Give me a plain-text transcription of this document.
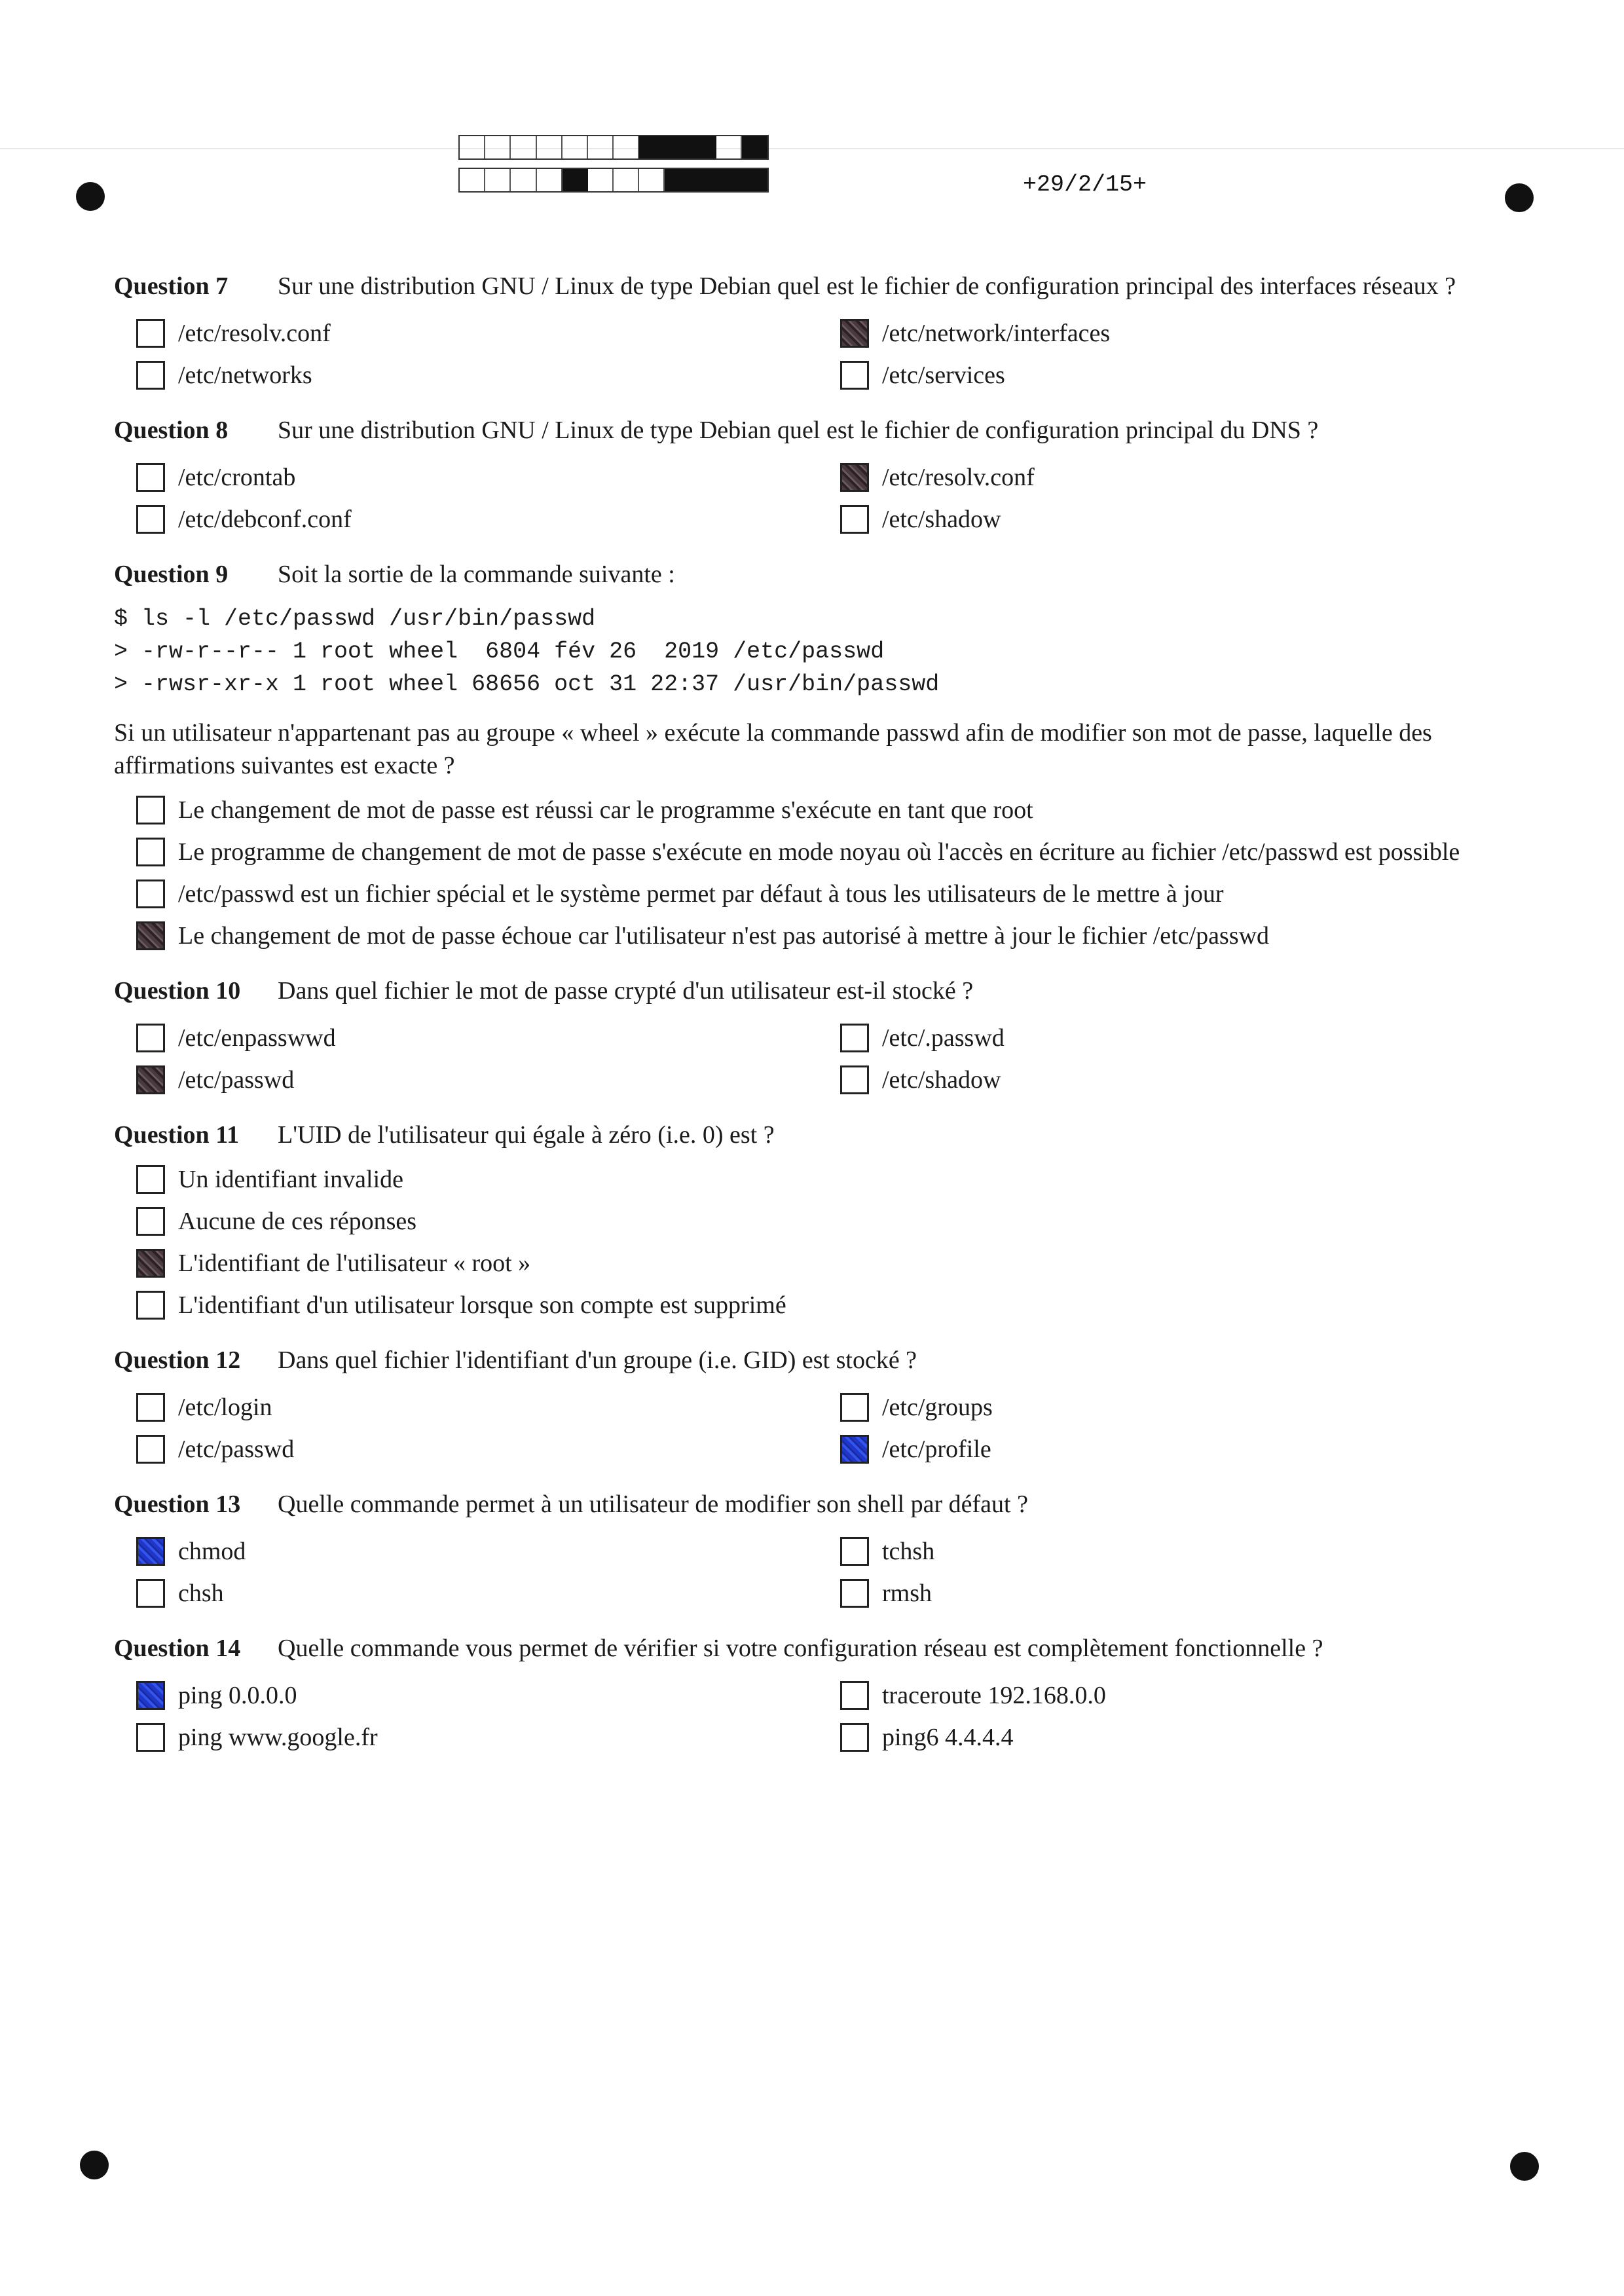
+29/2/15+
Question 7 Sur une distribution GNU / Linux de type Debian quel est le fichier de configuration principal des interfaces réseaux ?
/etc/resolv.conf	/etc/network/interfaces
/etc/networks	/etc/services
Question 8 Sur une distribution GNU / Linux de type Debian quel est le fichier de configuration principal du DNS ?
/etc/crontab	/etc/resolv.conf
/etc/debconf.conf	/etc/shadow
Question 9 Soit la sortie de la commande suivante :
$ ls -l /etc/passwd /usr/bin/passwd
> -rw-r--r-- 1 root wheel  6804 fév 26  2019 /etc/passwd
> -rwsr-xr-x 1 root wheel 68656 oct 31 22:37 /usr/bin/passwd
Si un utilisateur n'appartenant pas au groupe « wheel » exécute la commande passwd afin de modifier son mot de passe, laquelle des affirmations suivantes est exacte ?
Le changement de mot de passe est réussi car le programme s'exécute en tant que root
Le programme de changement de mot de passe s'exécute en mode noyau où l'accès en écriture au fichier /etc/passwd est possible
/etc/passwd est un fichier spécial et le système permet par défaut à tous les utilisateurs de le mettre à jour
Le changement de mot de passe échoue car l'utilisateur n'est pas autorisé à mettre à jour le fichier /etc/passwd
Question 10 Dans quel fichier le mot de passe crypté d'un utilisateur est-il stocké ?
/etc/enpasswwd	/etc/.passwd
/etc/passwd	/etc/shadow
Question 11 L'UID de l'utilisateur qui égale à zéro (i.e. 0) est ?
Un identifiant invalide
Aucune de ces réponses
L'identifiant de l'utilisateur « root »
L'identifiant d'un utilisateur lorsque son compte est supprimé
Question 12 Dans quel fichier l'identifiant d'un groupe (i.e. GID) est stocké ?
/etc/login	/etc/groups
/etc/passwd	/etc/profile
Question 13 Quelle commande permet à un utilisateur de modifier son shell par défaut ?
chmod	tchsh
chsh	rmsh
Question 14 Quelle commande vous permet de vérifier si votre configuration réseau est complètement fonctionnelle ?
ping 0.0.0.0	traceroute 192.168.0.0
ping www.google.fr	ping6 4.4.4.4
